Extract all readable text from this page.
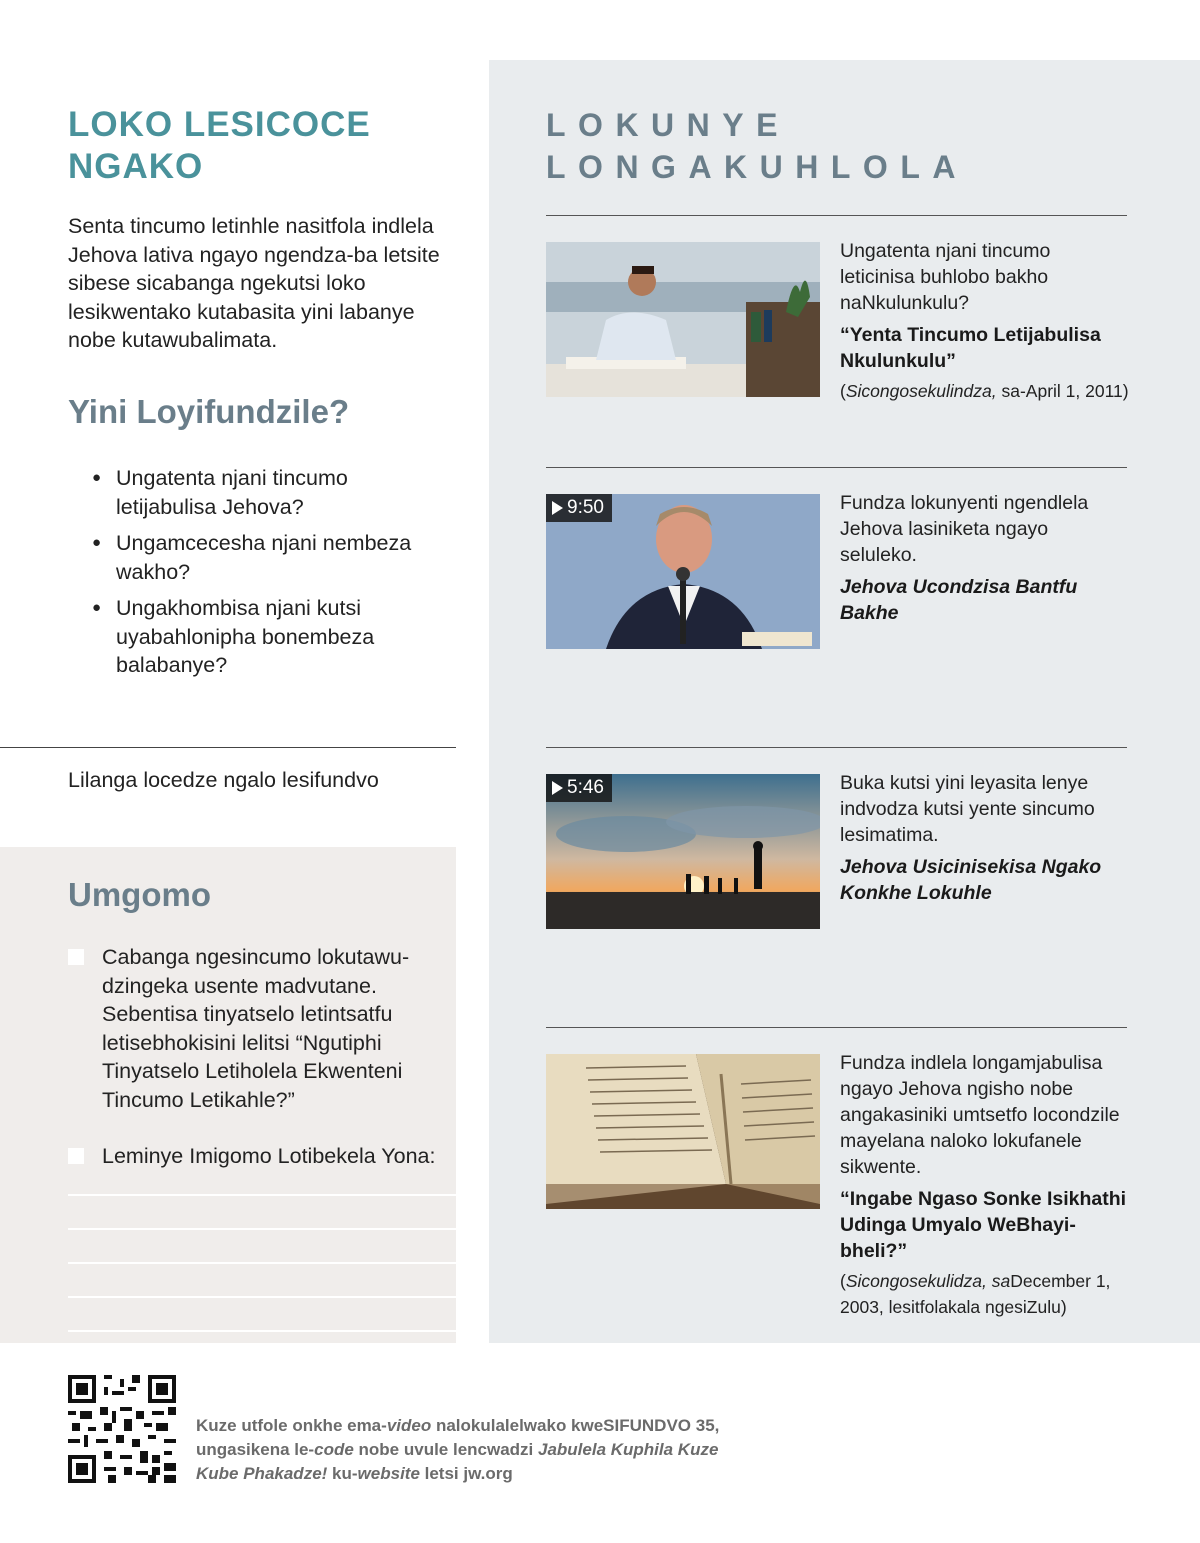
LOKO LESICOCE NGAKO

Senta tincumo letinhle nasitfola indlela Jehova lativa ngayo ngendza-ba letsite sibese sicabanga ngekutsi loko lesikwentako kutabasita yini labanye nobe kutawubalimata.

Yini Loyifundzile?
● Ungatenta njani tincumo letijabulisa Jehova?
● Ungamcecesha njani nembeza wakho?
● Ungakhombisa njani kutsi uyabahlonipha bonembeza balabanye?

Lilanga locedze ngalo lesifundvo

Umgomo
Cabanga ngesincumo lokutawudzingeka usente madvutane. Sebentisa tinyatselo letintsatfu letisebhokisini lelitsi “Ngutiphi Tinyatselo Letiholela Ekwenteni Tincumo Letikahle?”
Leminye Imigomo Lotibekela Yona:
LOKUNYE
LONGAKUHLOLA

Ungatenta njani tincumo leticinisa buhlobo bakho naNkulunkulu?

“Yenta Tincumo Letijabulisa Nkulunkulu”

(Sicongosekulindza, sa-April 1, 2011)

9:50	Fundza lokunyenti ngendlela Jehova lasiniketa ngayo seluleko.

Jehova Ucondzisa Bantfu Bakhe

5:46	Buka kutsi yini leyasita lenye indvodza kutsi yente sincumo lesimatima.

Jehova Usicinisekisa Ngako Konkhe Lokuhle

Fundza indlela longamjabulisa ngayo Jehova ngisho nobe angakasiniki umtsetfo locondzile mayelana naloko lokufanele sikwente.

“Ingabe Ngaso Sonke Isikhathi Udinga Umyalo WeBhayibheli?”

(Sicongosekulidza, saDecember 1, 2003, lesitfolakala ngesiZulu)

Kuze utfole onkhe ema-video nalokulalelwako kweSIFUNDVO 35, ungasikena le-code nobe uvule lencwadzi Jabulela Kuphila Kuze Kube Phakadze! ku-website letsi jw.org
